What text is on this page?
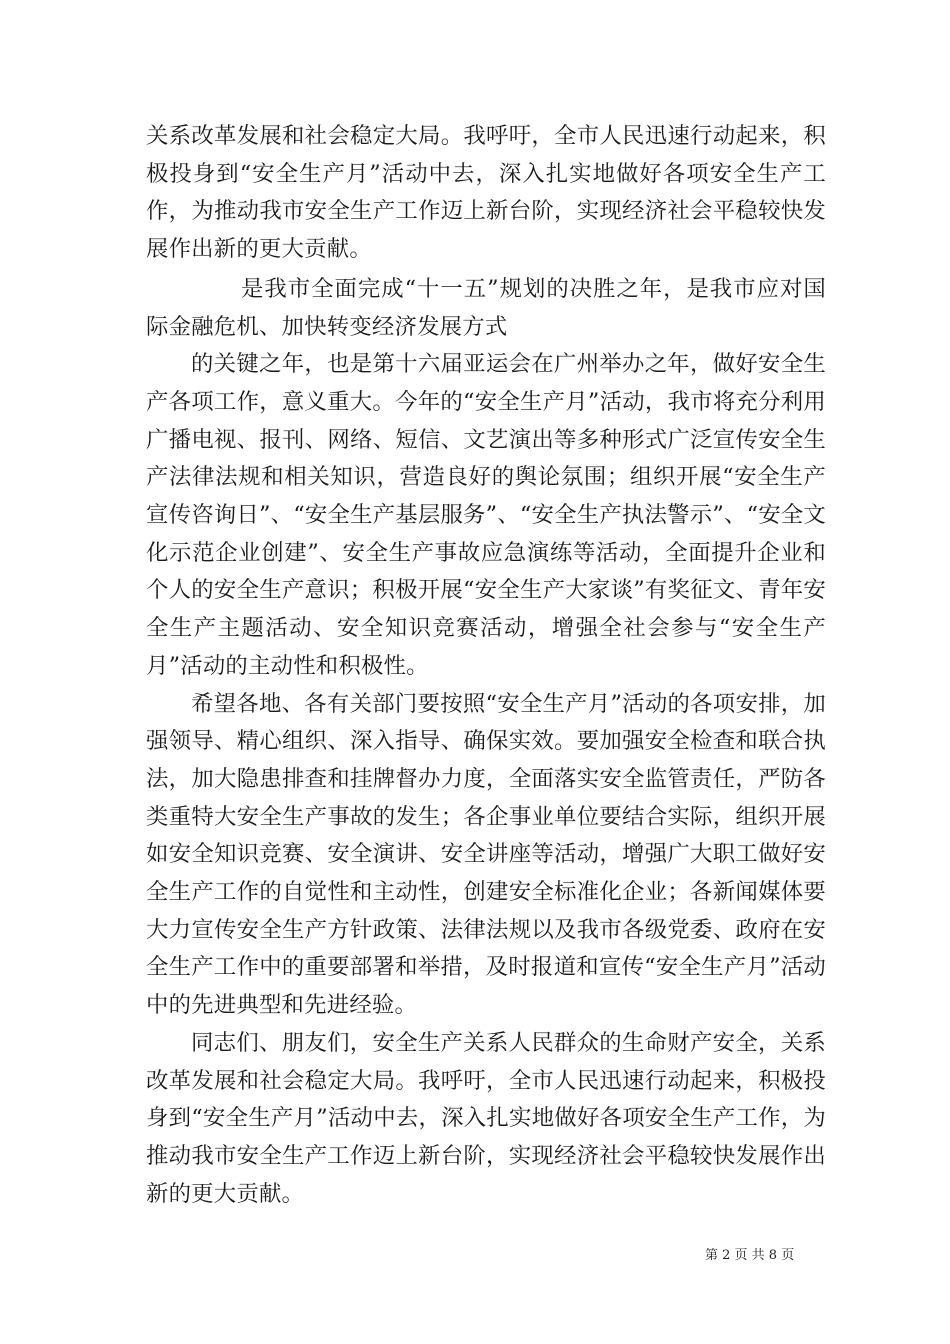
关系改革发展和社会稳定大局。我呼吁，全市人民迅速行动起来，积极投身到“安全生产月”活动中去，深入扎实地做好各项安全生产工作，为推动我市安全生产工作迈上新台阶，实现经济社会平稳较快发展作出新的更大贡献。

是我市全面完成“十一五”规划的决胜之年，是我市应对国际金融危机、加快转变经济发展方式

的关键之年，也是第十六届亚运会在广州举办之年，做好安全生产各项工作，意义重大。今年的“安全生产月”活动，我市将充分利用广播电视、报刊、网络、短信、文艺演出等多种形式广泛宣传安全生产法律法规和相关知识，营造良好的舆论氛围；组织开展“安全生产宣传咨询日”、“安全生产基层服务”、“安全生产执法警示”、“安全文化示范企业创建”、安全生产事故应急演练等活动，全面提升企业和个人的安全生产意识；积极开展“安全生产大家谈”有奖征文、青年安全生产主题活动、安全知识竞赛活动，增强全社会参与“安全生产月”活动的主动性和积极性。

希望各地、各有关部门要按照“安全生产月”活动的各项安排，加强领导、精心组织、深入指导、确保实效。要加强安全检查和联合执法，加大隐患排查和挂牌督办力度，全面落实安全监管责任，严防各类重特大安全生产事故的发生；各企事业单位要结合实际，组织开展如安全知识竞赛、安全演讲、安全讲座等活动，增强广大职工做好安全生产工作的自觉性和主动性，创建安全标准化企业；各新闻媒体要大力宣传安全生产方针政策、法律法规以及我市各级党委、政府在安全生产工作中的重要部署和举措，及时报道和宣传“安全生产月”活动中的先进典型和先进经验。

同志们、朋友们，安全生产关系人民群众的生命财产安全，关系改革发展和社会稳定大局。我呼吁，全市人民迅速行动起来，积极投身到“安全生产月”活动中去，深入扎实地做好各项安全生产工作，为推动我市安全生产工作迈上新台阶，实现经济社会平稳较快发展作出新的更大贡献。

第 2 页 共 8 页
